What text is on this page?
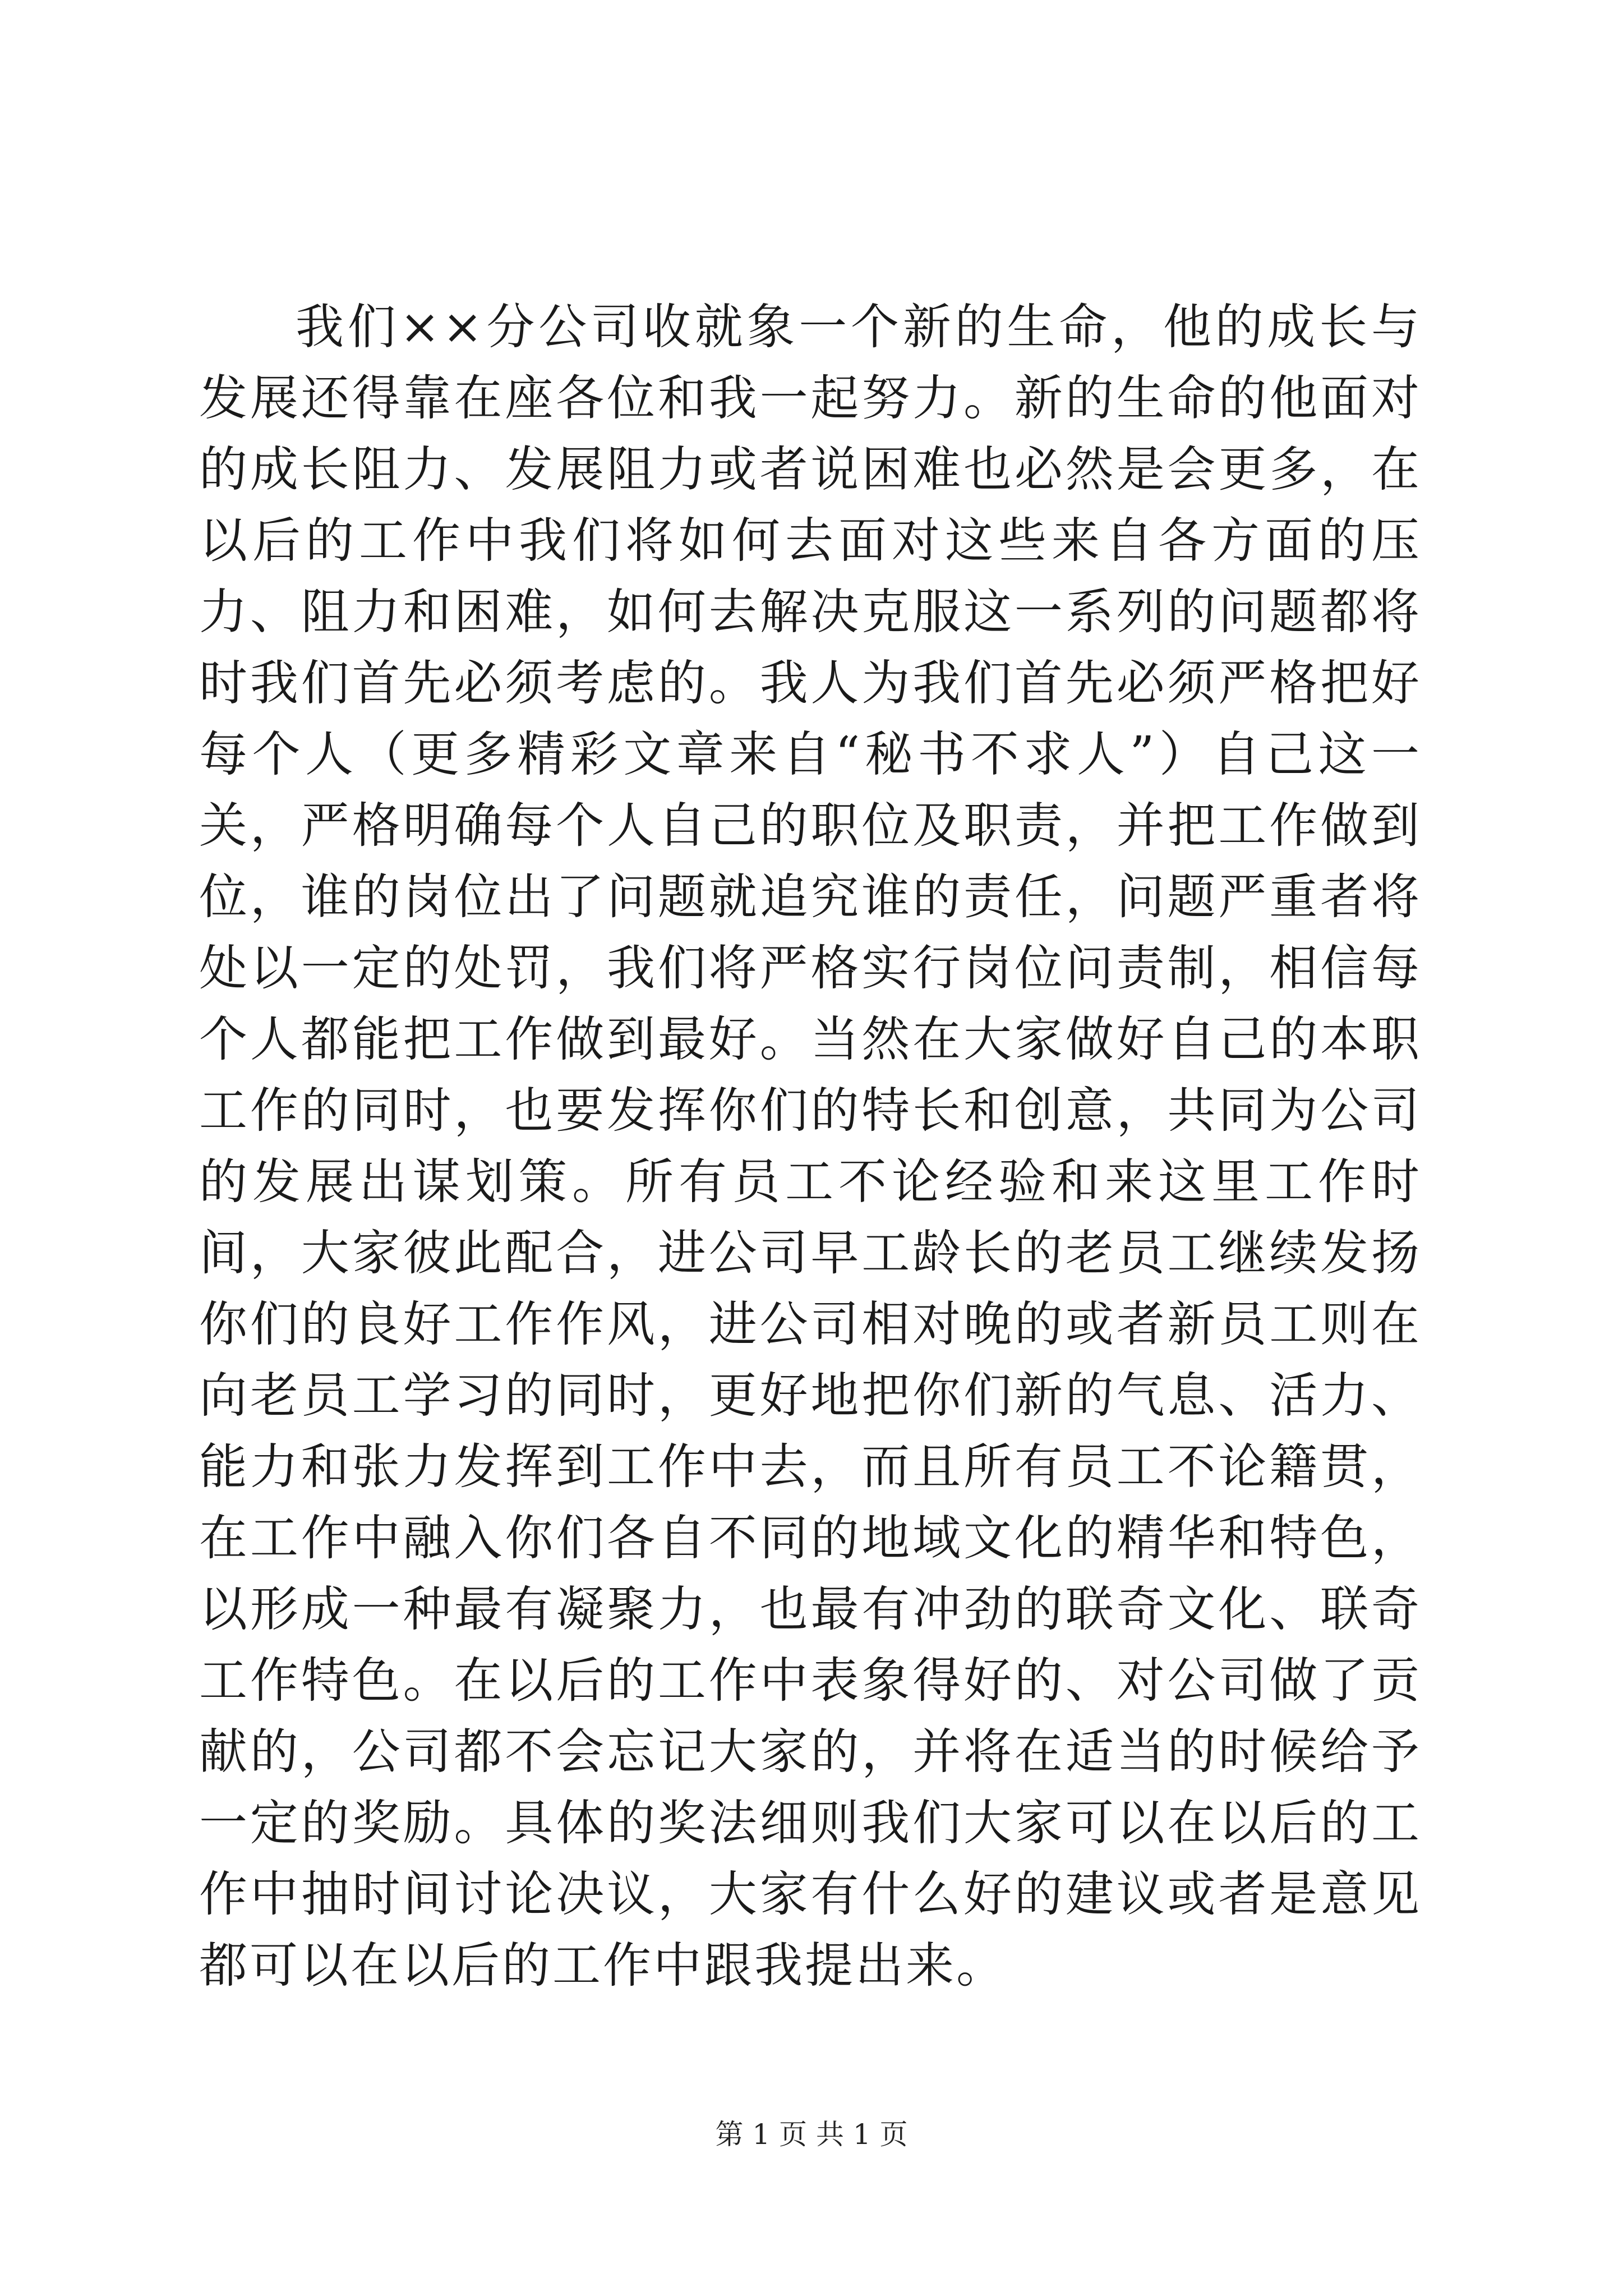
我们××分公司收就象一个新的生命，他的成长与发展还得靠在座各位和我一起努力。新的生命的他面对的成长阻力、发展阻力或者说困难也必然是会更多，在以后的工作中我们将如何去面对这些来自各方面的压力、阻力和困难，如何去解决克服这一系列的问题都将时我们首先必须考虑的。我人为我们首先必须严格把好每个人（更多精彩文章来自“秘书不求人”）自己这一关，严格明确每个人自己的职位及职责，并把工作做到位，谁的岗位出了问题就追究谁的责任，问题严重者将处以一定的处罚，我们将严格实行岗位问责制，相信每个人都能把工作做到最好。当然在大家做好自己的本职工作的同时，也要发挥你们的特长和创意，共同为公司的发展出谋划策。所有员工不论经验和来这里工作时间，大家彼此配合，进公司早工龄长的老员工继续发扬你们的良好工作作风，进公司相对晚的或者新员工则在向老员工学习的同时，更好地把你们新的气息、活力、能力和张力发挥到工作中去，而且所有员工不论籍贯，在工作中融入你们各自不同的地域文化的精华和特色，以形成一种最有凝聚力，也最有冲劲的联奇文化、联奇工作特色。在以后的工作中表象得好的、对公司做了贡献的，公司都不会忘记大家的，并将在适当的时候给予一定的奖励。具体的奖法细则我们大家可以在以后的工作中抽时间讨论决议，大家有什么好的建议或者是意见都可以在以后的工作中跟我提出来。

第 1 页 共 1 页
